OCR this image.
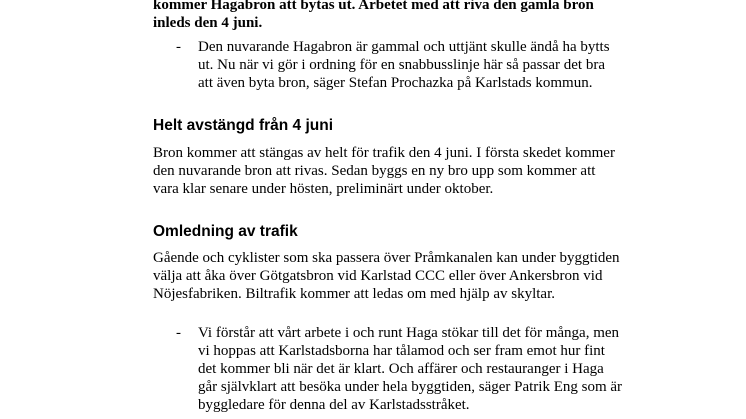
kommer Hagabron att bytas ut. Arbetet med att riva den gamla bron inleds den 4 juni.
-	Den nuvarande Hagabron är gammal och uttjänt skulle ändå ha bytts ut. Nu när vi gör i ordning för en snabbusslinje här så passar det bra att även byta bron, säger Stefan Prochazka på Karlstads kommun.
Helt avstängd från 4 juni
Bron kommer att stängas av helt för trafik den 4 juni. I första skedet kommer den nuvarande bron att rivas. Sedan byggs en ny bro upp som kommer att vara klar senare under hösten, preliminärt under oktober.
Omledning av trafik
Gående och cyklister som ska passera över Pråmkanalen kan under byggtiden välja att åka över Götgatsbron vid Karlstad CCC eller över Ankersbron vid Nöjesfabriken. Biltrafik kommer att ledas om med hjälp av skyltar.
-	Vi förstår att vårt arbete i och runt Haga stökar till det för många, men vi hoppas att Karlstadsborna har tålamod och ser fram emot hur fint det kommer bli när det är klart. Och affärer och restauranger i Haga går självklart att besöka under hela byggtiden, säger Patrik Eng som är byggledare för denna del av Karlstadsstråket.
